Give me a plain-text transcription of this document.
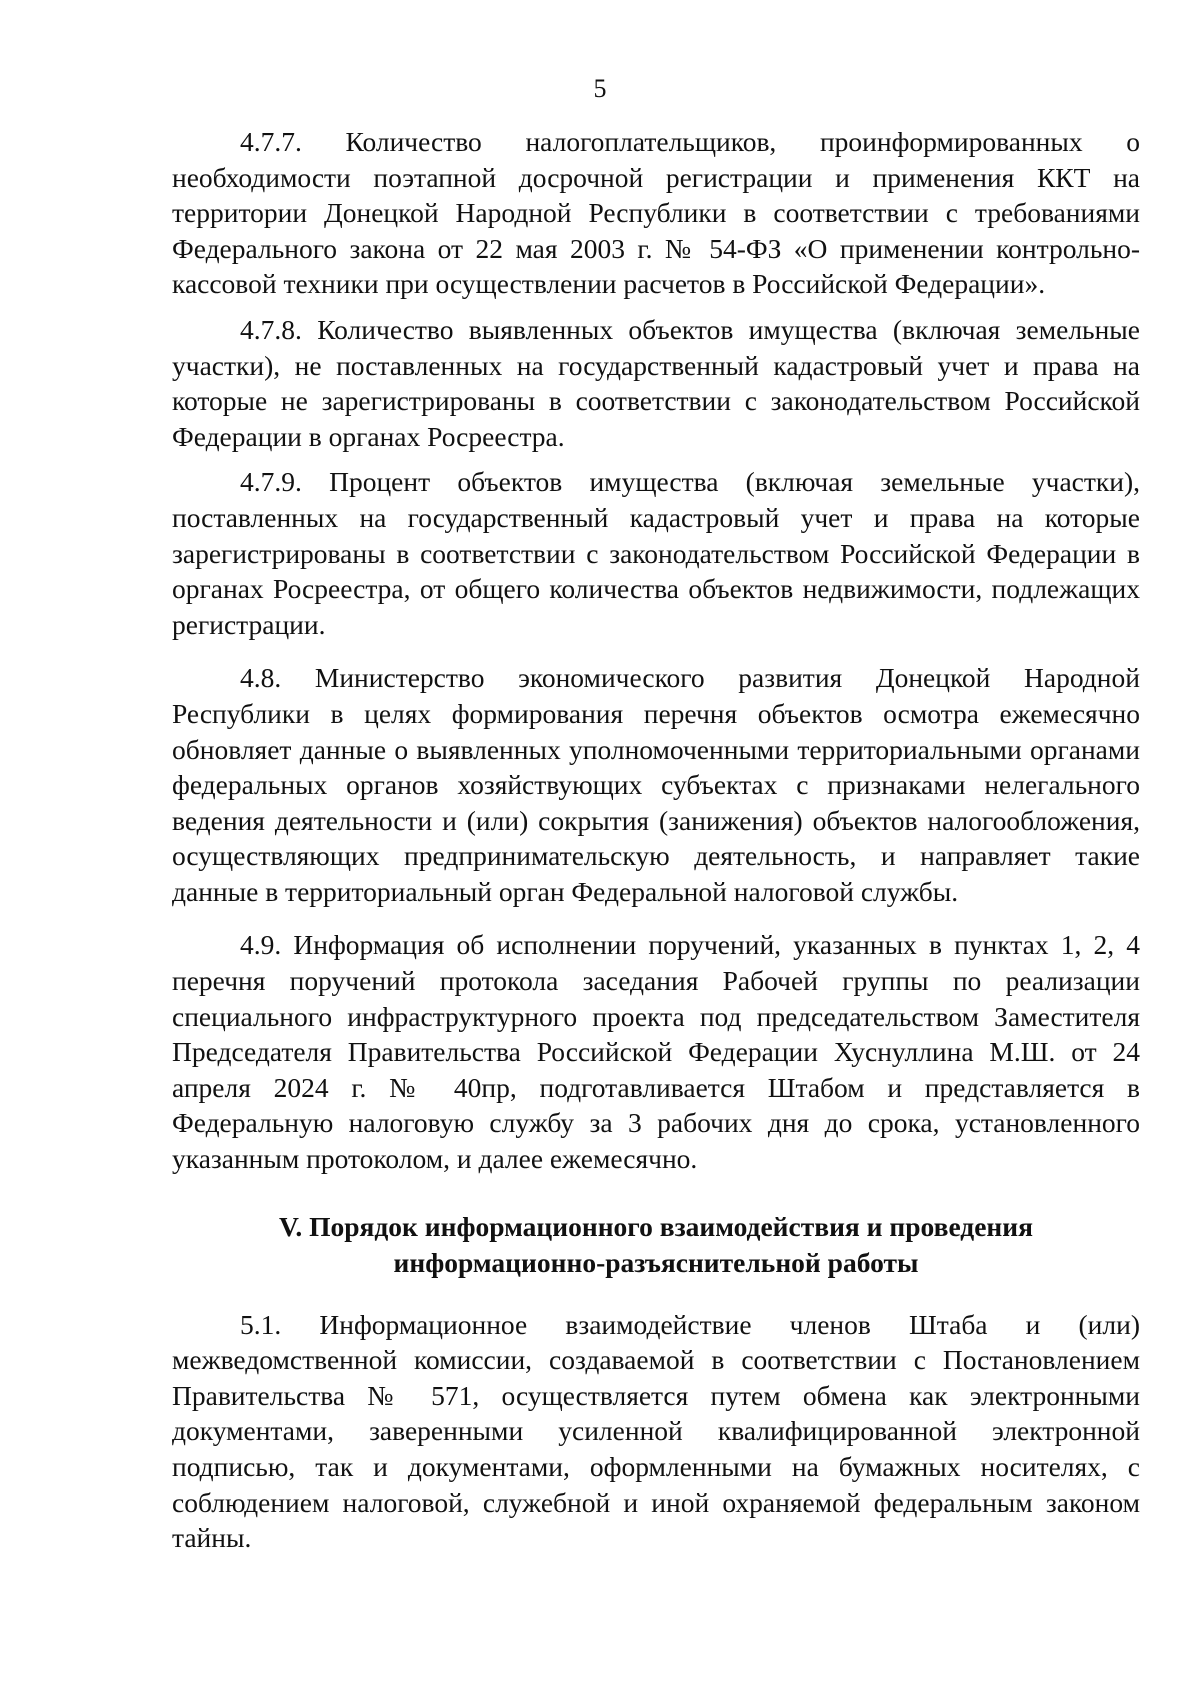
5

4.7.7. Количество налогоплательщиков, проинформированных о необходимости поэтапной досрочной регистрации и применения ККТ на территории Донецкой Народной Республики в соответствии с требованиями Федерального закона от 22 мая 2003 г. № 54-ФЗ «О применении контрольно-кассовой техники при осуществлении расчетов в Российской Федерации».

4.7.8. Количество выявленных объектов имущества (включая земельные участки), не поставленных на государственный кадастровый учет и права на которые не зарегистрированы в соответствии с законодательством Российской Федерации в органах Росреестра.

4.7.9. Процент объектов имущества (включая земельные участки), поставленных на государственный кадастровый учет и права на которые зарегистрированы в соответствии с законодательством Российской Федерации в органах Росреестра, от общего количества объектов недвижимости, подлежащих регистрации.

4.8. Министерство экономического развития Донецкой Народной Республики в целях формирования перечня объектов осмотра ежемесячно обновляет данные о выявленных уполномоченными территориальными органами федеральных органов хозяйствующих субъектах с признаками нелегального ведения деятельности и (или) сокрытия (занижения) объектов налогообложения, осуществляющих предпринимательскую деятельность, и направляет такие данные в территориальный орган Федеральной налоговой службы.

4.9. Информация об исполнении поручений, указанных в пунктах 1, 2, 4 перечня поручений протокола заседания Рабочей группы по реализации специального инфраструктурного проекта под председательством Заместителя Председателя Правительства Российской Федерации Хуснуллина М.Ш. от 24 апреля 2024 г. № 40пр, подготавливается Штабом и представляется в Федеральную налоговую службу за 3 рабочих дня до срока, установленного указанным протоколом, и далее ежемесячно.

V. Порядок информационного взаимодействия и проведения
информационно-разъяснительной работы

5.1. Информационное взаимодействие членов Штаба и (или) межведомственной комиссии, создаваемой в соответствии с Постановлением Правительства № 571, осуществляется путем обмена как электронными документами, заверенными усиленной квалифицированной электронной подписью, так и документами, оформленными на бумажных носителях, с соблюдением налоговой, служебной и иной охраняемой федеральным законом тайны.
